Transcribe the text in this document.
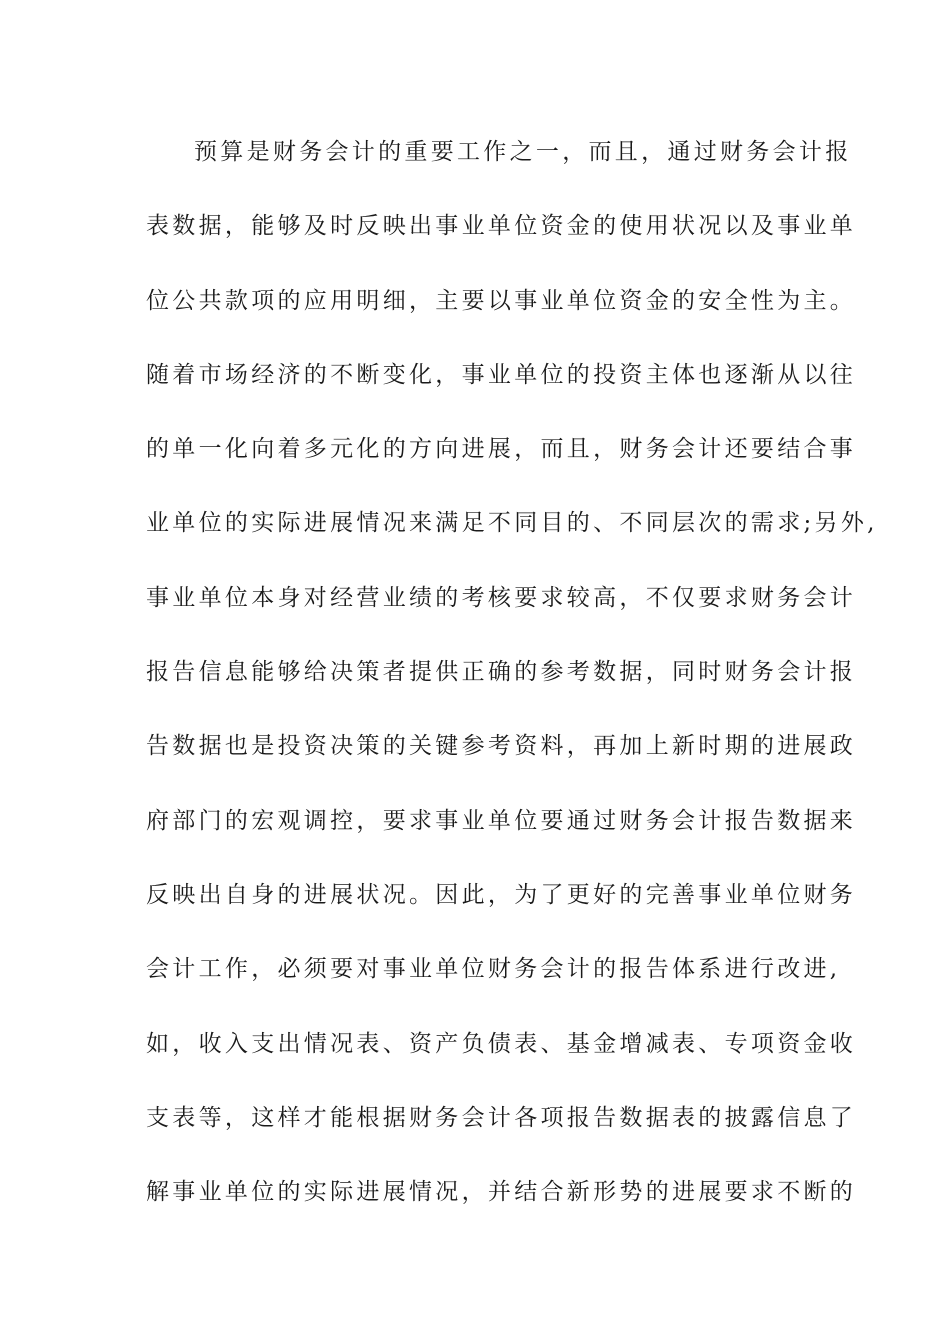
预算是财务会计的重要工作之一，而且，通过财务会计报
表数据，能够及时反映出事业单位资金的使用状况以及事业单
位公共款项的应用明细，主要以事业单位资金的安全性为主。
随着市场经济的不断变化，事业单位的投资主体也逐渐从以往
的单一化向着多元化的方向进展，而且，财务会计还要结合事
业单位的实际进展情况来满足不同目的、不同层次的需求;另外,
事业单位本身对经营业绩的考核要求较高，不仅要求财务会计
报告信息能够给决策者提供正确的参考数据，同时财务会计报
告数据也是投资决策的关键参考资料，再加上新时期的进展政
府部门的宏观调控，要求事业单位要通过财务会计报告数据来
反映出自身的进展状况。因此，为了更好的完善事业单位财务
会计工作，必须要对事业单位财务会计的报告体系进行改进,
如，收入支出情况表、资产负债表、基金增减表、专项资金收
支表等，这样才能根据财务会计各项报告数据表的披露信息了
解事业单位的实际进展情况，并结合新形势的进展要求不断的
